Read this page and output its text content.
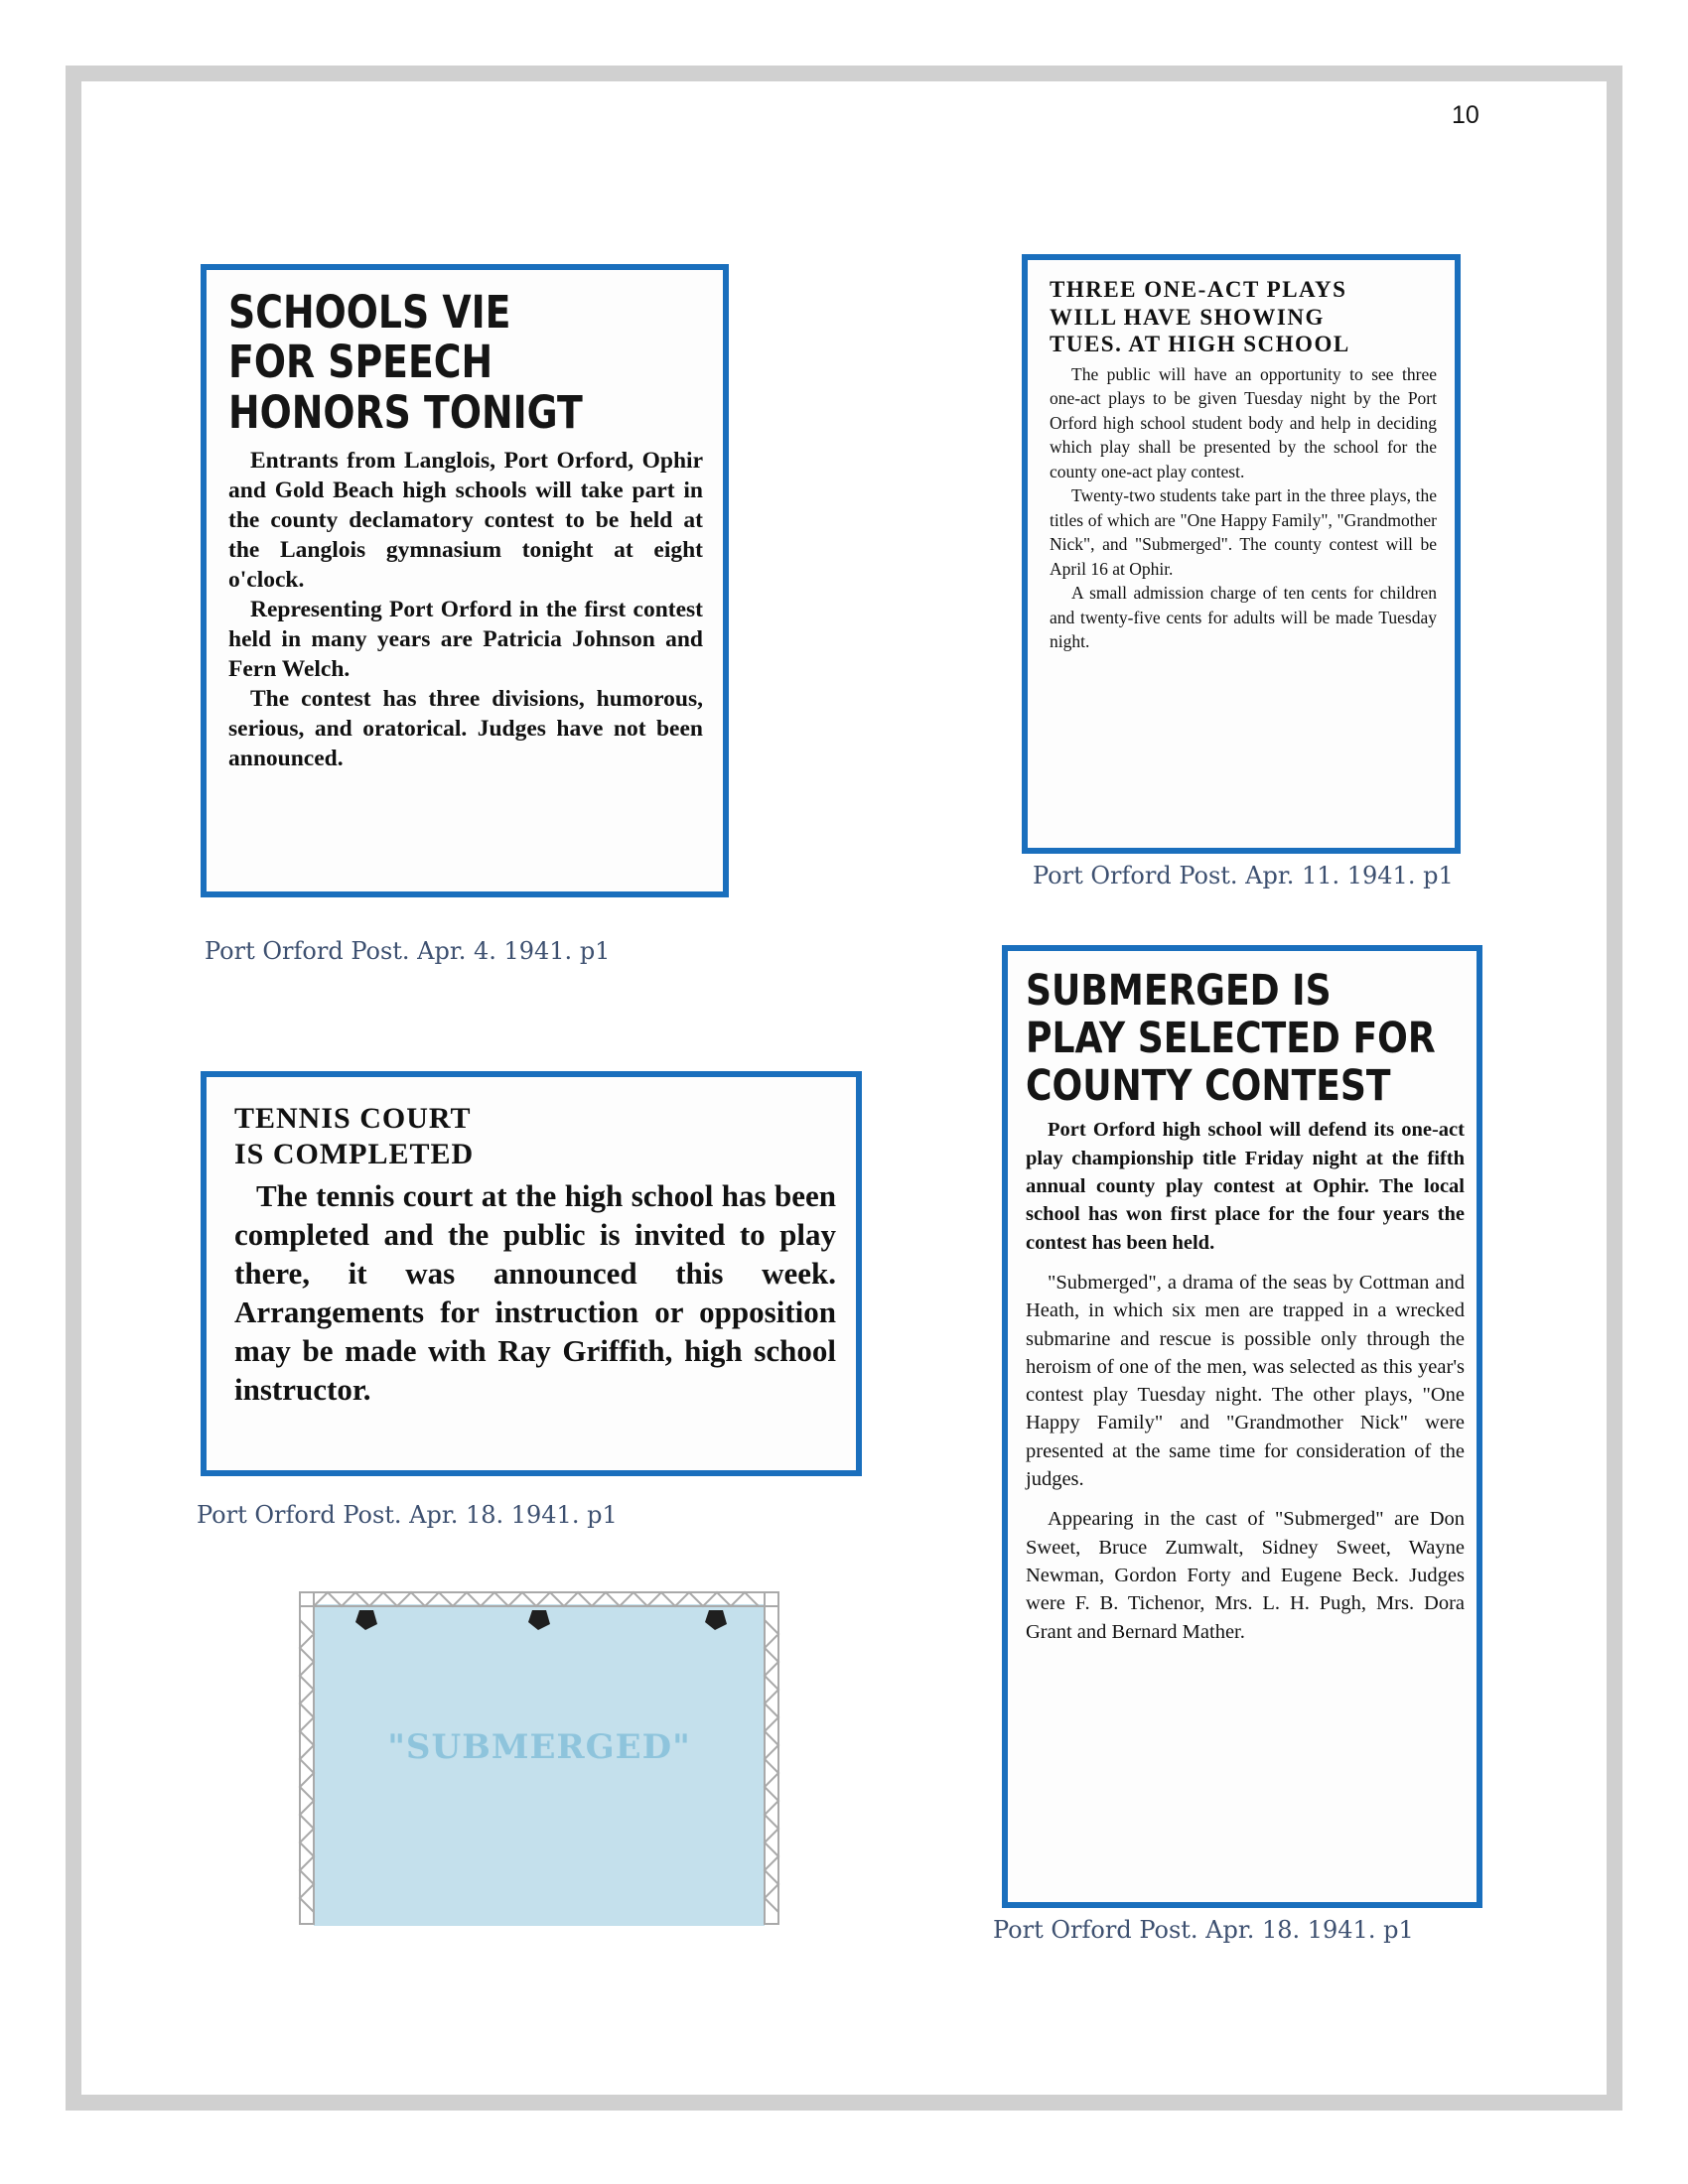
10
SCHOOLS VIE
FOR SPEECH
HONORS TONIGT

Entrants from Langlois, Port Orford, Ophir and Gold Beach high schools will take part in the county declamatory contest to be held at the Langlois gymnasium tonight at eight o'clock.

Representing Port Orford in the first contest held in many years are Patricia Johnson and Fern Welch.

The contest has three divisions, humorous, serious, and oratorical. Judges have not been announced.

Port Orford Post. Apr. 4. 1941. p1
THREE ONE-ACT PLAYS
WILL HAVE SHOWING
TUES. AT HIGH SCHOOL

The public will have an opportunity to see three one-act plays to be given Tuesday night by the Port Orford high school student body and help in deciding which play shall be presented by the school for the county one-act play contest.

Twenty-two students take part in the three plays, the titles of which are "One Happy Family", "Grandmother Nick", and "Submerged". The county contest will be April 16 at Ophir.

A small admission charge of ten cents for children and twenty-five cents for adults will be made Tuesday night.

Port Orford Post. Apr. 11. 1941. p1
TENNIS COURT
IS COMPLETED

The tennis court at the high school has been completed and the public is invited to play there, it was announced this week. Arrangements for instruction or opposition may be made with Ray Griffith, high school instructor.

Port Orford Post. Apr. 18. 1941. p1
"SUBMERGED"
SUBMERGED IS
PLAY SELECTED FOR
COUNTY CONTEST

Port Orford high school will defend its one-act play championship title Friday night at the fifth annual county play contest at Ophir. The local school has won first place for the four years the contest has been held.

"Submerged", a drama of the seas by Cottman and Heath, in which six men are trapped in a wrecked submarine and rescue is possible only through the heroism of one of the men, was selected as this year's contest play Tuesday night. The other plays, "One Happy Family" and "Grandmother Nick" were presented at the same time for consideration of the judges.

Appearing in the cast of "Submerged" are Don Sweet, Bruce Zumwalt, Sidney Sweet, Wayne Newman, Gordon Forty and Eugene Beck. Judges were F. B. Tichenor, Mrs. L. H. Pugh, Mrs. Dora Grant and Bernard Mather.

Port Orford Post. Apr. 18. 1941. p1
